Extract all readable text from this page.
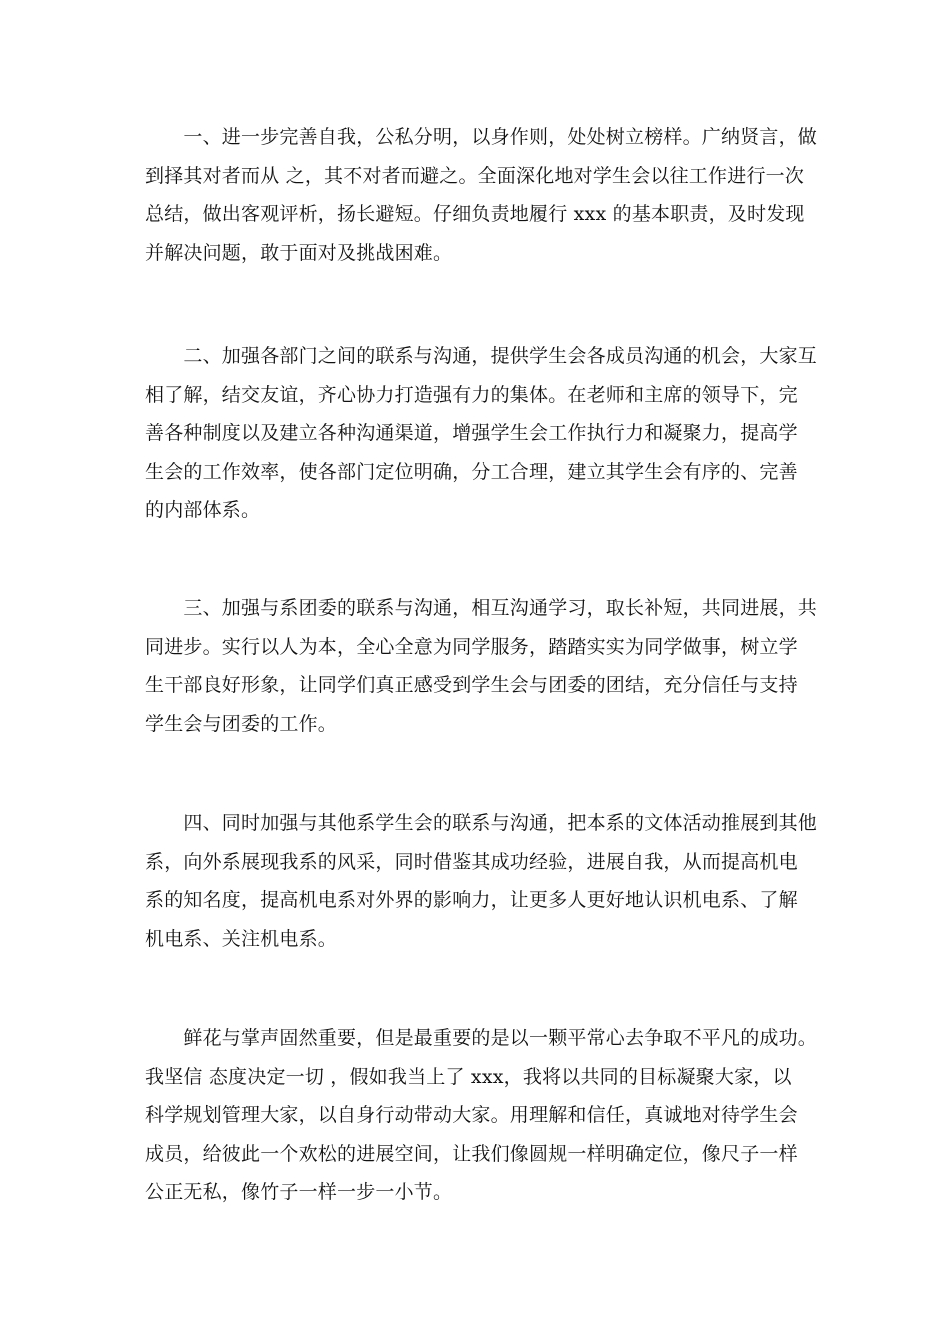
　　一、进一步完善自我，公私分明，以身作则，处处树立榜样。广纳贤言，做
到择其对者而从 之，其不对者而避之。全面深化地对学生会以往工作进行一次
总结，做出客观评析，扬长避短。仔细负责地履行 xxx 的基本职责，及时发现
并解决问题，敢于面对及挑战困难。

　　二、加强各部门之间的联系与沟通，提供学生会各成员沟通的机会，大家互
相了解，结交友谊，齐心协力打造强有力的集体。在老师和主席的领导下，完
善各种制度以及建立各种沟通渠道，增强学生会工作执行力和凝聚力，提高学
生会的工作效率，使各部门定位明确，分工合理，建立其学生会有序的、完善
的内部体系。

　　三、加强与系团委的联系与沟通，相互沟通学习，取长补短，共同进展，共
同进步。实行以人为本，全心全意为同学服务，踏踏实实为同学做事，树立学
生干部良好形象，让同学们真正感受到学生会与团委的团结，充分信任与支持
学生会与团委的工作。

　　四、同时加强与其他系学生会的联系与沟通，把本系的文体活动推展到其他
系，向外系展现我系的风采，同时借鉴其成功经验，进展自我，从而提高机电
系的知名度，提高机电系对外界的影响力，让更多人更好地认识机电系、了解
机电系、关注机电系。

　　鲜花与掌声固然重要，但是最重要的是以一颗平常心去争取不平凡的成功。
我坚信 态度决定一切 ，假如我当上了 xxx，我将以共同的目标凝聚大家，以
科学规划管理大家，以自身行动带动大家。用理解和信任，真诚地对待学生会
成员，给彼此一个欢松的进展空间，让我们像圆规一样明确定位，像尺子一样
公正无私，像竹子一样一步一小节。
